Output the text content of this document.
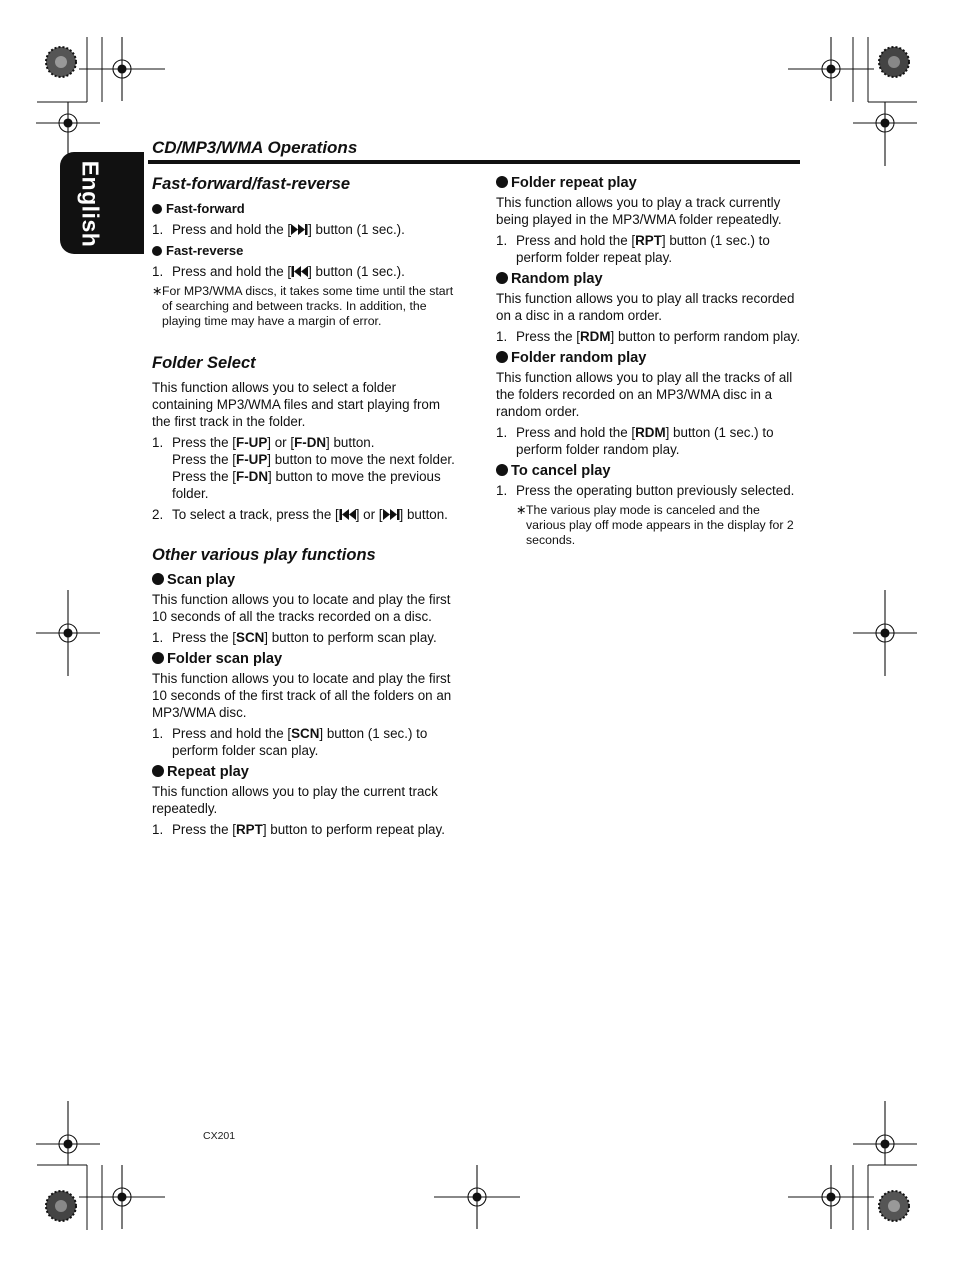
English
CD/MP3/WMA Operations
Fast-forward/fast-reverse
Fast-forward
1. Press and hold the [ ] button (1 sec.).
Fast-reverse
1. Press and hold the [ ] button (1 sec.).
∗ For MP3/WMA discs, it takes some time until the start of searching and between tracks. In addition, the playing time may have a margin of error.
Folder Select
This function allows you to select a folder containing MP3/WMA files and start playing from the first track in the folder.
1. Press the [F-UP] or [F-DN] button.
Press the [F-UP] button to move the next folder. Press the [F-DN] button to move the previous folder.
2. To select a track, press the [ ] or [ ] button.
Other various play functions
Scan play
This function allows you to locate and play the first 10 seconds of all the tracks recorded on a disc.
1. Press the [SCN] button to perform scan play.
Folder scan play
This function allows you to locate and play the first 10 seconds of the first track of all the folders on an MP3/WMA disc.
1. Press and hold the [SCN] button (1 sec.) to perform folder scan play.
Repeat play
This function allows you to play the current track repeatedly.
1. Press the [RPT] button to perform repeat play.
Folder repeat play
This function allows you to play a track currently being played in the MP3/WMA folder repeatedly.
1. Press and hold the [RPT] button (1 sec.) to perform folder repeat play.
Random play
This function allows you to play all tracks recorded on a disc in a random order.
1. Press the [RDM] button to perform random play.
Folder random play
This function allows you to play all the tracks of all the folders recorded on an MP3/WMA disc in a random order.
1. Press and hold the [RDM] button (1 sec.) to perform folder random play.
To cancel play
1. Press the operating button previously selected.
∗ The various play mode is canceled and the various play off mode appears in the display for 2 seconds.
CX201
